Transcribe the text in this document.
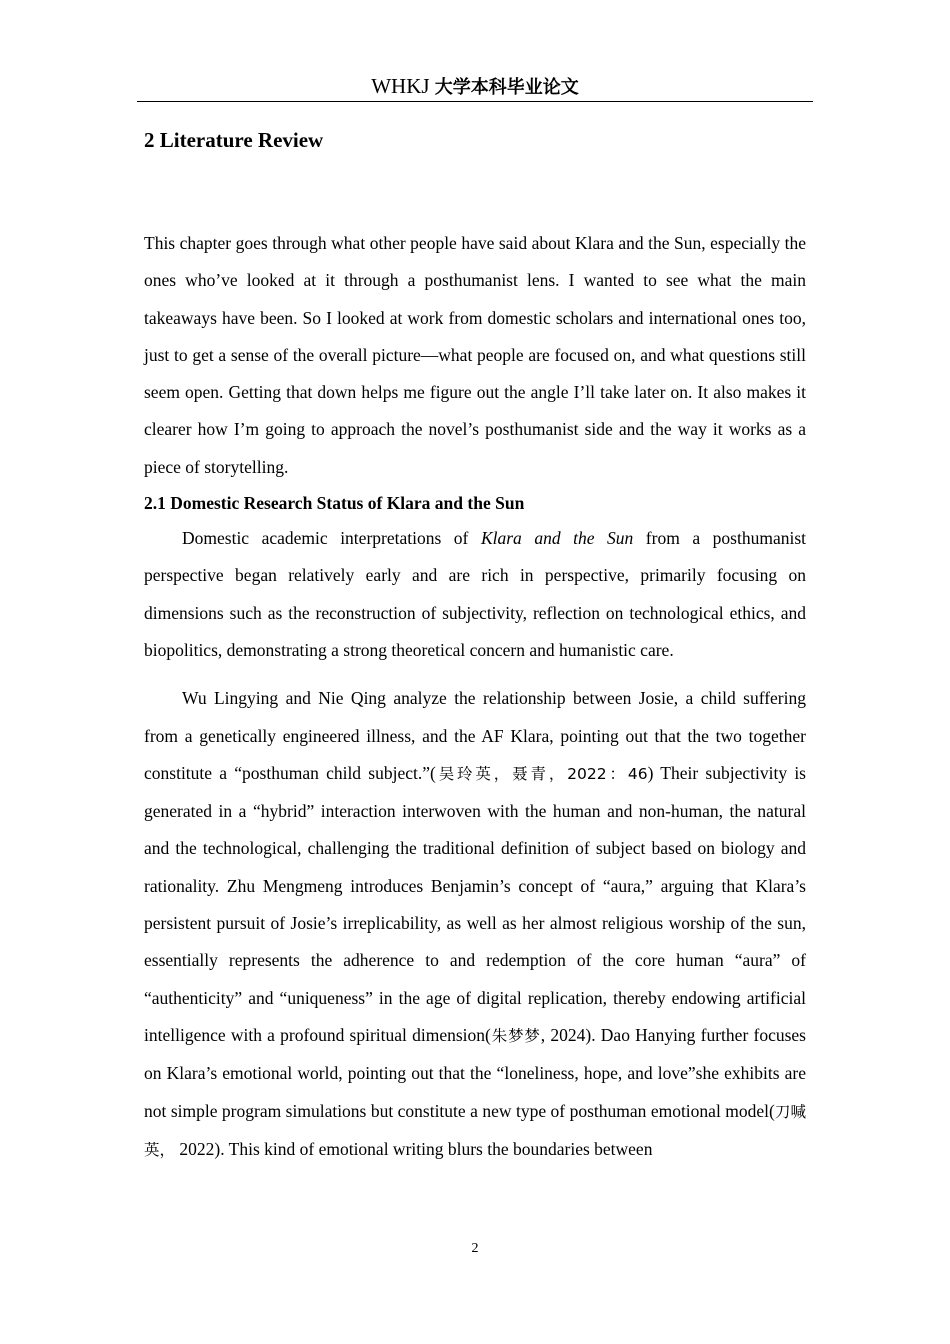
WHKJ 大学本科毕业论文
2 Literature Review

This chapter goes through what other people have said about Klara and the Sun, especially the ones who’ve looked at it through a posthumanist lens. I wanted to see what the main takeaways have been. So I looked at work from domestic scholars and international ones too, just to get a sense of the overall picture—what people are focused on, and what questions still seem open. Getting that down helps me figure out the angle I’ll take later on. It also makes it clearer how I’m going to approach the novel’s posthumanist side and the way it works as a piece of storytelling.

2.1 Domestic Research Status of Klara and the Sun

Domestic academic interpretations of Klara and the Sun from a posthumanist perspective began relatively early and are rich in perspective, primarily focusing on dimensions such as the reconstruction of subjectivity, reflection on technological ethics, and biopolitics, demonstrating a strong theoretical concern and humanistic care.

Wu Lingying and Nie Qing analyze the relationship between Josie, a child suffering from a genetically engineered illness, and the AF Klara, pointing out that the two together constitute a “posthuman child subject.”(吴玲英，聂青，2022：46) Their subjectivity is generated in a “hybrid” interaction interwoven with the human and non-human, the natural and the technological, challenging the traditional definition of subject based on biology and rationality. Zhu Mengmeng introduces Benjamin’s concept of “aura,” arguing that Klara’s persistent pursuit of Josie’s irreplicability, as well as her almost religious worship of the sun, essentially represents the adherence to and redemption of the core human “aura” of “authenticity” and “uniqueness” in the age of digital replication, thereby endowing artificial intelligence with a profound spiritual dimension(朱梦梦, 2024). Dao Hanying further focuses on Klara’s emotional world, pointing out that the “loneliness, hope, and love”she exhibits are not simple program simulations but constitute a new type of posthuman emotional model(刀喊英， 2022). This kind of emotional writing blurs the boundaries between

2
